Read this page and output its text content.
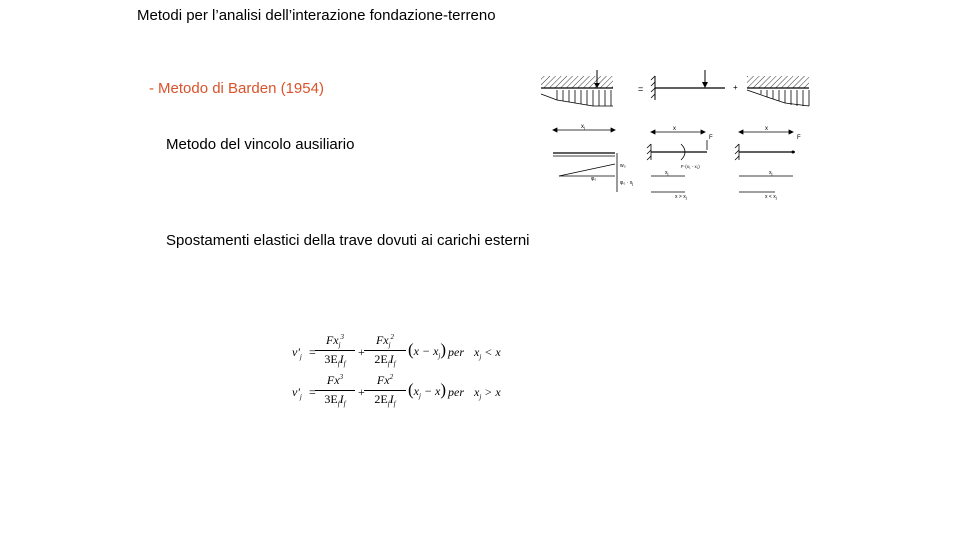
Metodi per l’analisi dell’interazione fondazione-terreno
- Metodo di Barden (1954)
Metodo del vincolo ausiliario
Spostamenti elastici della trave dovuti ai carichi esterni
$v'_j$ =
$Fx_j^3$
$3E_fI_f$
+
$Fx_j^2$
$2E_fI_f$
$(x - x_j)$ per $x_j < x$
$v'_j$ =
$Fx^3$
$3E_fI_f$
+
$Fx^2$
$2E_fI_f$
$(x_j - x)$ per $x_j > x$
=	+
xj
w₀
φ₀
$\varphi_0 \cdot x_j$
x
F
F·(x₁ - x₁)
$x_j$
$x > x_j$
x
F
$x_j$
$x < x_j$
